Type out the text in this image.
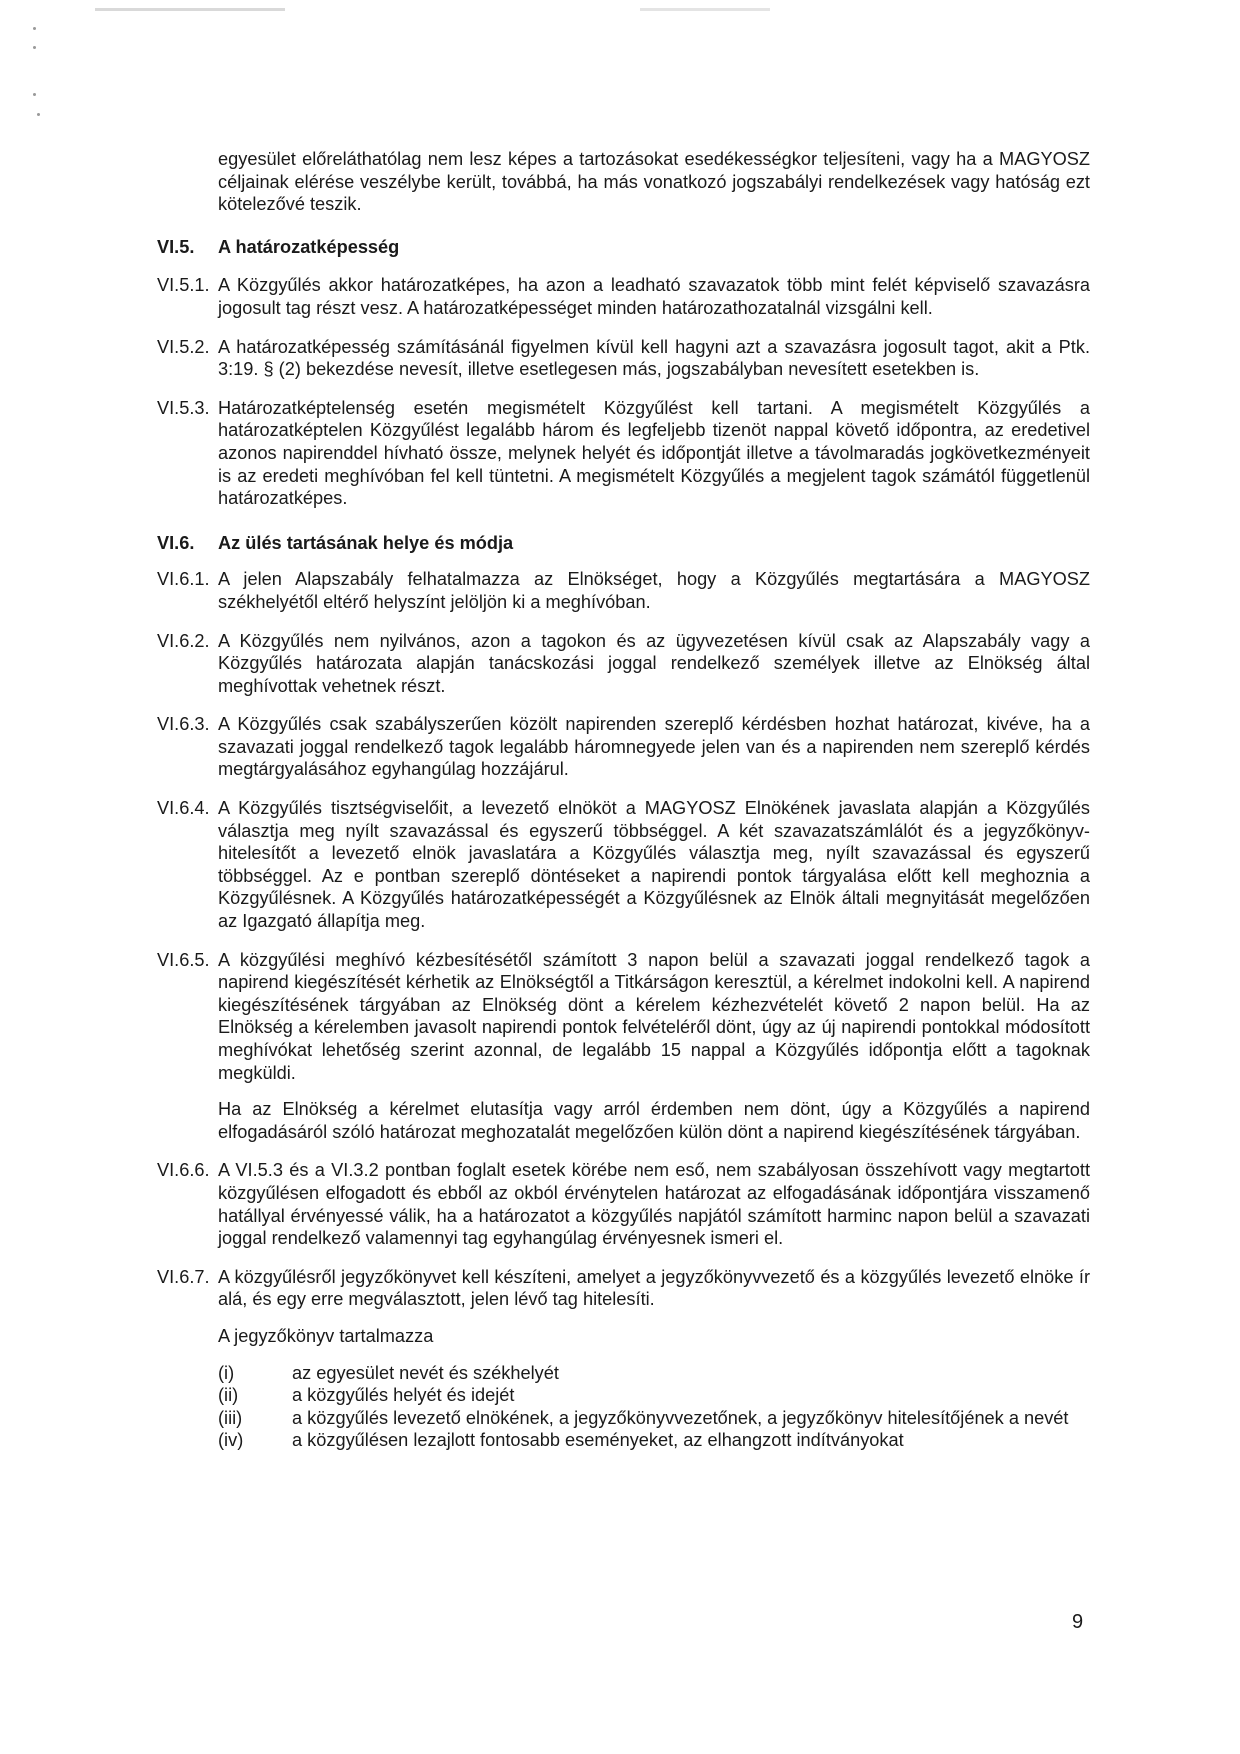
egyesület előreláthatólag nem lesz képes a tartozásokat esedékességkor teljesíteni, vagy ha a MAGYOSZ céljainak elérése veszélybe került, továbbá, ha más vonatkozó jogszabályi rendelkezések vagy hatóság ezt kötelezővé teszik.

VI.5.	A határozatképesség
VI.5.1. A Közgyűlés akkor határozatképes, ha azon a leadható szavazatok több mint felét képviselő szavazásra jogosult tag részt vesz. A határozatképességet minden határozathozatalnál vizsgálni kell.

VI.5.2. A határozatképesség számításánál figyelmen kívül kell hagyni azt a szavazásra jogosult tagot, akit a Ptk. 3:19. § (2) bekezdése nevesít, illetve esetlegesen más, jogszabályban nevesített esetekben is.

VI.5.3. Határozatképtelenség esetén megismételt Közgyűlést kell tartani. A megismételt Közgyűlés a határozatképtelen Közgyűlést legalább három és legfeljebb tizenöt nappal követő időpontra, az eredetivel azonos napirenddel hívható össze, melynek helyét és időpontját illetve a távolmaradás jogkövetkezményeit is az eredeti meghívóban fel kell tüntetni. A megismételt Közgyűlés a megjelent tagok számától függetlenül határozatképes.

VI.6.	Az ülés tartásának helye és módja
VI.6.1. A jelen Alapszabály felhatalmazza az Elnökséget, hogy a Közgyűlés megtartására a MAGYOSZ székhelyétől eltérő helyszínt jelöljön ki a meghívóban.

VI.6.2. A Közgyűlés nem nyilvános, azon a tagokon és az ügyvezetésen kívül csak az Alapszabály vagy a Közgyűlés határozata alapján tanácskozási joggal rendelkező személyek illetve az Elnökség által meghívottak vehetnek részt.

VI.6.3. A Közgyűlés csak szabályszerűen közölt napirenden szereplő kérdésben hozhat határozat, kivéve, ha a szavazati joggal rendelkező tagok legalább háromnegyede jelen van és a napirenden nem szereplő kérdés megtárgyalásához egyhangúlag hozzájárul.

VI.6.4. A Közgyűlés tisztségviselőit, a levezető elnököt a MAGYOSZ Elnökének javaslata alapján a Közgyűlés választja meg nyílt szavazással és egyszerű többséggel. A két szavazatszámlálót és a jegyzőkönyv-hitelesítőt a levezető elnök javaslatára a Közgyűlés választja meg, nyílt szavazással és egyszerű többséggel. Az e pontban szereplő döntéseket a napirendi pontok tárgyalása előtt kell meghoznia a Közgyűlésnek. A Közgyűlés határozatképességét a Közgyűlésnek az Elnök általi megnyitását megelőzően az Igazgató állapítja meg.

VI.6.5. A közgyűlési meghívó kézbesítésétől számított 3 napon belül a szavazati joggal rendelkező tagok a napirend kiegészítését kérhetik az Elnökségtől a Titkárságon keresztül, a kérelmet indokolni kell. A napirend kiegészítésének tárgyában az Elnökség dönt a kérelem kézhezvételét követő 2 napon belül. Ha az Elnökség a kérelemben javasolt napirendi pontok felvételéről dönt, úgy az új napirendi pontokkal módosított meghívókat lehetőség szerint azonnal, de legalább 15 nappal a Közgyűlés időpontja előtt a tagoknak megküldi.

Ha az Elnökség a kérelmet elutasítja vagy arról érdemben nem dönt, úgy a Közgyűlés a napirend elfogadásáról szóló határozat meghozatalát megelőzően külön dönt a napirend kiegészítésének tárgyában.

VI.6.6. A VI.5.3 és a VI.3.2 pontban foglalt esetek körébe nem eső, nem szabályosan összehívott vagy megtartott közgyűlésen elfogadott és ebből az okból érvénytelen határozat az elfogadásának időpontjára visszamenő hatállyal érvényessé válik, ha a határozatot a közgyűlés napjától számított harminc napon belül a szavazati joggal rendelkező valamennyi tag egyhangúlag érvényesnek ismeri el.

VI.6.7. A közgyűlésről jegyzőkönyvet kell készíteni, amelyet a jegyzőkönyvvezető és a közgyűlés levezető elnöke ír alá, és egy erre megválasztott, jelen lévő tag hitelesíti.

A jegyzőkönyv tartalmazza

(i)	az egyesület nevét és székhelyét
(ii)	a közgyűlés helyét és idejét
(iii)	a közgyűlés levezető elnökének, a jegyzőkönyvvezetőnek, a jegyzőkönyv hitelesítőjének a nevét
(iv)	a közgyűlésen lezajlott fontosabb eseményeket, az elhangzott indítványokat
9
